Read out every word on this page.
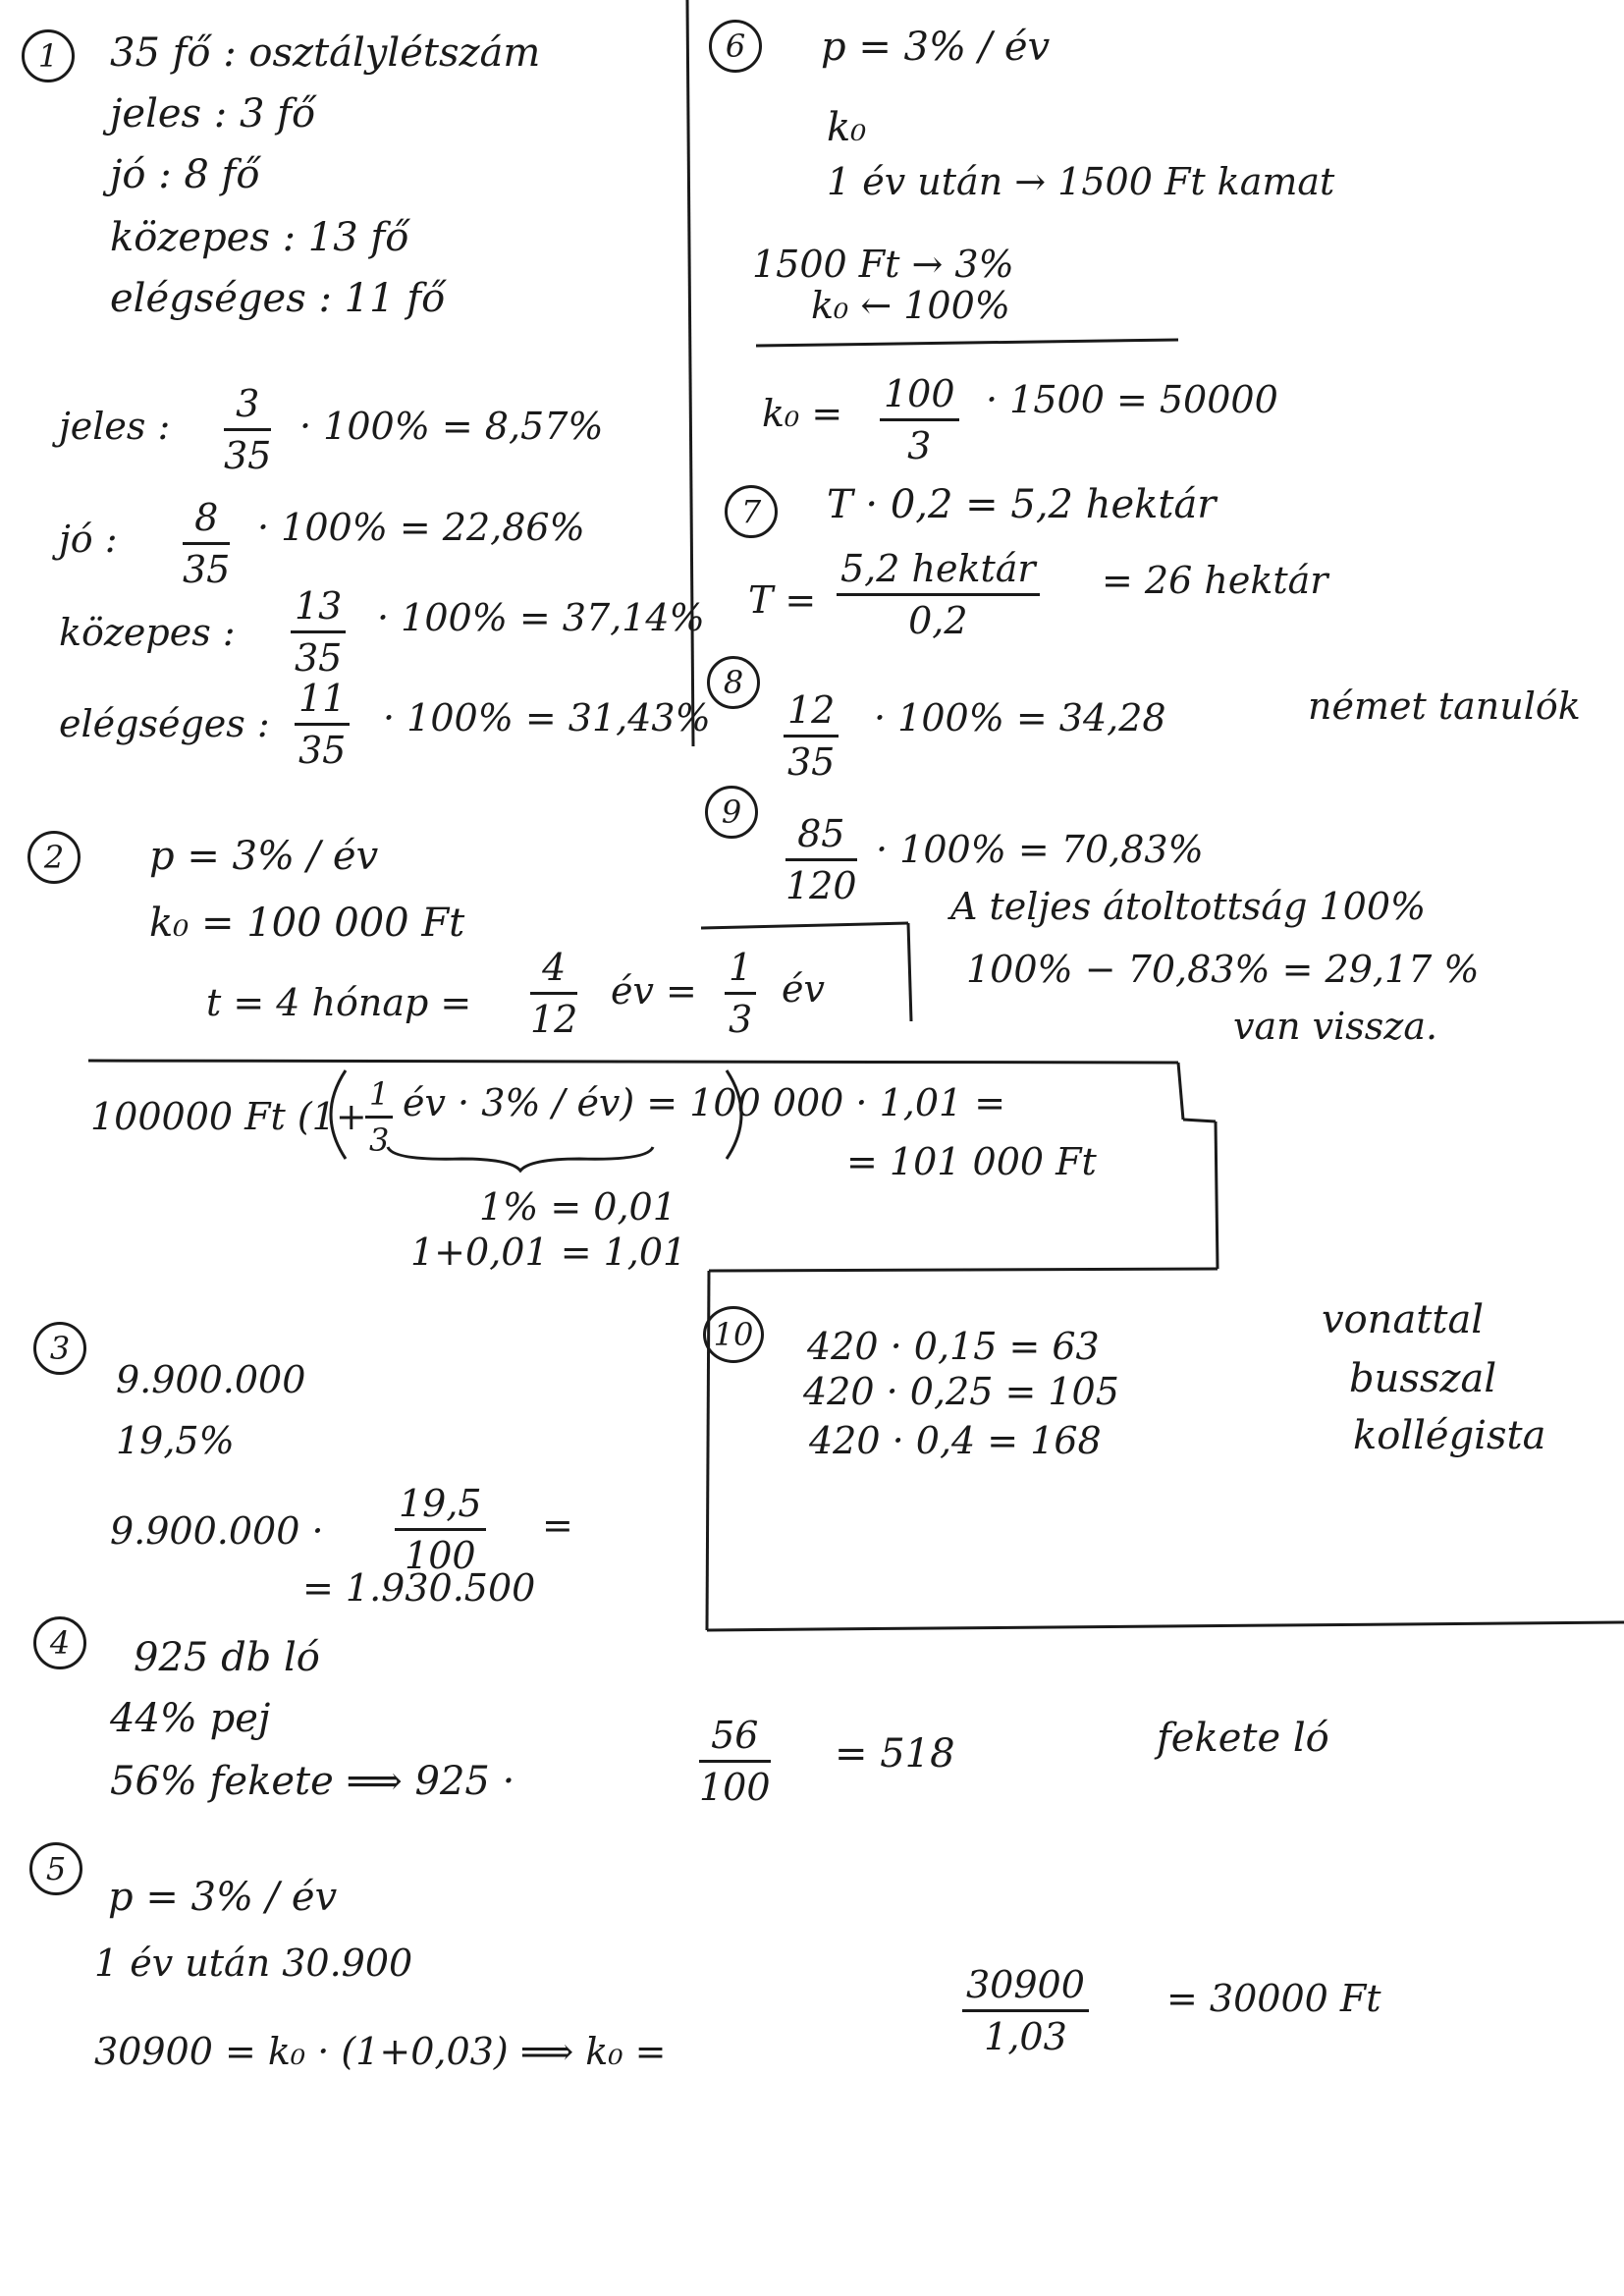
1	35 fő : osztálylétszám
jeles : 3 fő
jó : 8 fő
közepes : 13 fő
elégséges : 11 fő
jeles : $\frac{3}{35} \cdot 100\% = 8,57\%$
jó : $\frac{8}{35} \cdot 100\% = 22,86\%$
közepes : $\frac{13}{35} \cdot 100\% = 37,14\%$
elégséges : $\frac{11}{35} \cdot 100\% = 31,43\%$
2	p = 3% / év
k₀ = 100 000 Ft
t = 4 hónap = $\frac{4}{12}$ év = $\frac{1}{3}$ év
100000 Ft (1+
$\frac{1}{3}$ év · 3% / év) = 100 000 · 1,01 =
= 101 000 Ft
1% = 0,01
1+0,01 = 1,01
3
9.900.000
19,5%
$9.900.000 \cdot \frac{19,5}{100}$ =
= 1.930.500
4	925 db ló
44% pej
56% fekete ⟹ 925 ·	$\frac{56}{100} = 518$	fekete ló
5
p = 3% / év
1 év után 30.900
30900 = k₀ · (1+0,03) ⟹ k₀ =	$\frac{30900}{1,03} = 30000$ Ft
6	p = 3% / év
k₀
1 év után → 1500 Ft kamat
1500 Ft → 3%
k₀ ← 100%
$k_0 = \frac{100}{3} \cdot 1500 = 50000$
7	T · 0,2 = 5,2 hektár
T =
5,2 hektár
0,2
= 26 hektár
8
$\frac{12}{35} \cdot 100\% = 34,28$	német tanulók
9
$\frac{85}{120} \cdot 100\% = 70,83\%$
A teljes átoltottság 100%
100% − 70,83% = 29,17 %
van vissza.
10 420 · 0,15 = 63
420 · 0,25 = 105
420 · 0,4 = 168
vonattal
busszal
kollégista
